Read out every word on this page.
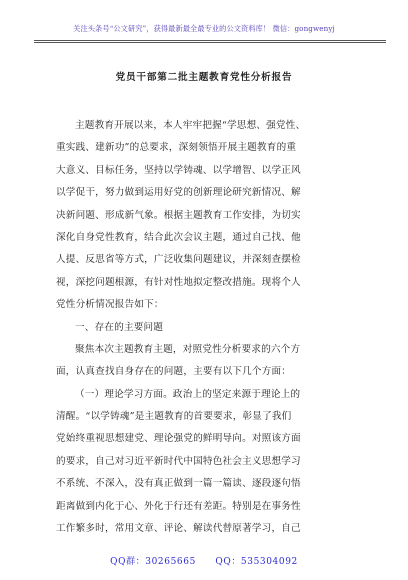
关注头条号“公文研究”，获得最新最全最专业的公文资料库！ 微信：gongwenyj
党员干部第二批主题教育党性分析报告
主题教育开展以来，本人牢牢把握“学思想、强党性、
重实践、建新功”的总要求，深刻领悟开展主题教育的重
大意义、目标任务，坚持以学铸魂、以学增智、以学正风
以学促干，努力做到运用好党的创新理论研究新情况、解
决新问题、形成新气象。根据主题教育工作安排，为切实
深化自身党性教育，结合此次会议主题，通过自己找、他
人提、反思省等方式，广泛收集问题建议，并深刻查摆检
视，深挖问题根源，有针对性地拟定整改措施。现将个人
党性分析情况报告如下：
一、存在的主要问题
聚焦本次主题教育主题，对照党性分析要求的六个方
面，认真查找自身存在的问题，主要有以下几个方面：
（一）理论学习方面。政治上的坚定来源于理论上的
清醒。“以学铸魂”是主题教育的首要要求，彰显了我们
党始终重视思想建党、理论强党的鲜明导向。对照该方面
的要求，自己对习近平新时代中国特色社会主义思想学习
不系统、不深入，没有真正做到一篇一篇读、逐段逐句悟
距离做到内化于心、外化于行还有差距。特别是在事务性
工作繁多时，常用文章、评论、解读代替原著学习，自己
QQ群：30265665 QQ：535304092
